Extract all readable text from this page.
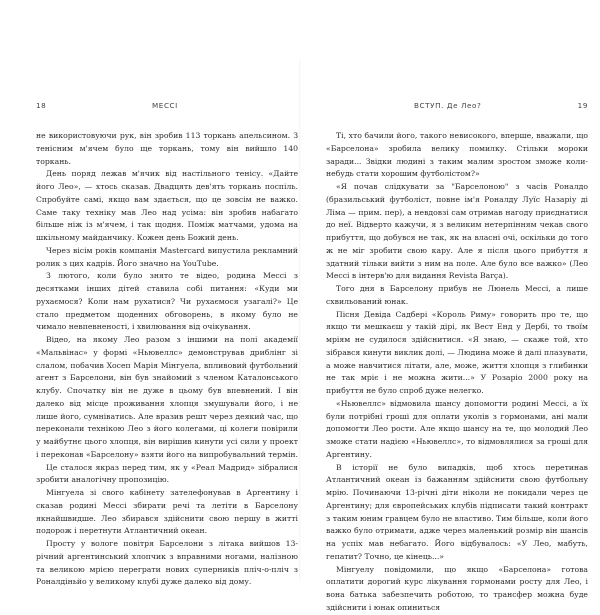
18	МЕССІ

не використовуючи рук, він зробив 113 торкань апельсином. З тенісним м'ячем було ще торкань, тому він вийшло 140 торкань.

День поряд лежав м'ячик від настільного тенісу. «Дайте його Лео», — хтось сказав. Двадцять дев'ять торкань поспіль. Спробуйте самі, якщо вам здається, що це зовсім не важко. Саме таку техніку мав Лео над усіма: він зробив набагато більше ніж із м'ячем, і так щодня. Поміж матчами, удома на шкільному майданчику. Кожен день Божий день.

Через вісім років компанія Mastercard випустила рекламний ролик з цих кадрів. Його значно на YouTube.

З лютого, коли було знято те відео, родина Мессі з десятками інших дітей ставила собі питання: «Куди ми рухаємося? Коли нам рухатися? Чи рухаємося узагалі?» Це стало предметом щоденних обговорень, в якому було не чимало невпевненості, і хвилювання від очікування.

Відео, на якому Лео разом з іншими на полі академії «Мальвінас» у формі «Ньювеллс» демонстрував дриблінг зі слалом, побачив Хосеп Марія Мінгуела, впливовий футбольний агент з Барселони, він був знайомий з членом Каталонського клубу. Спочатку він не дуже в цьому був впевнений. І він далеко від місце проживання хлопця змушували його, і не лише його, сумніватись. Але вразив решт через деякий час, що переконали технікою Лео з його колегами, ці колеги повірили у майбутнє цього хлопця, він вирішив кинути усі сили у проект і переконав «Барселону» взяти його на випробувальний термін.

Це сталося якраз перед тим, як у «Реал Мадрид» зібралися зробити аналогічну пропозицію.

Мінгуела зі свого кабінету зателефонував в Аргентину і сказав родині Мессі збирати речі та летіти в Барселону якнайшвидше. Лео збирався здійснити свою першу в житті подорож і перетнути Атлантичний океан.

Просту у вологе повітря Барселони з літака вийшов 13-річний аргентинський хлопчик з вправними ногами, налізною та великою мрією переграти нових суперників пліч-о-пліч з Роналдіньйо у великому клубі дуже далеко від дому.

ВСТУП. Де Лео?	19

Ті, хто бачили його, такого невисокого, вперше, вважали, що «Барселона» зробила велику помилку. Стільки мороки заради... Звідки людині з таким малим зростом зможе коли-небудь стати хорошим футболістом?»

«Я почав слідкувати за "Барселоною" з часів Роналдо (бразильський футболіст, повне ім'я Роналду Луїс Назаріу ді Ліма — прим. пер), а невдовзі сам отримав нагоду приєднатися до неї. Відверто кажучи, я з великим нетерпінням чекав свого прибуття, що добувся не так, як на власні очі, оскільки до того ж не міг зробити свою кару. Але я після цього прибуття я здатний тільки вийти з ним на поле. Але було все важко» (Лео Мессі в інтерв'ю для видання Revista Barça).

Того дня в Барселону прибув не Люнель Мессі, а лише схвильований юнак.

Пісня Девіда Садбері «Король Риму» говорить про те, що якщо ти мешкаєш у такій дірі, як Вест Енд у Дербі, то твоїм мріям не судилося здійснитися. «Я знаю, — скаже той, хто зібрався кинути виклик долі, — Людина може й далі плазувати, а може навчитися літати, але, може, життя хлопця з глибинки не так мріє і не можна жити...» У Розаріо 2000 року на прибуття не було спроб дуже нелегко.

«Ньювеллс» відмовила шансу допомогти родині Мессі, а їх були потрібні гроші для оплати уколів з гормонами, ані мали допомогти Лео рости. Але якщо шансу на те, що молодий Лео зможе стати надією «Ньювеллс», то відмовлялися за гроші для Аргентину.

В історії не було випадків, щоб хтось перетинав Атлантичний океан із бажанням здійснити свою футбольну мрію. Починаючи 13-річні діти ніколи не покидали через це Аргентину; для європейських клубів підписати такий контракт з таким юним гравцем було не властиво. Тим більше, коли його важко було отримати, адже через маленький розмір він шансів на успіх мав небагато. Його відбувалось: «У Лео, мабуть, гепатит? Точно, це кінець...»

Мінгуелу повідомили, що якщо «Барселона» готова оплатити дорогий курс лікування гормонами росту для Лео, і вона батька забезпечить роботою, то трансфер можна буде здійснити і юнак опиниться
